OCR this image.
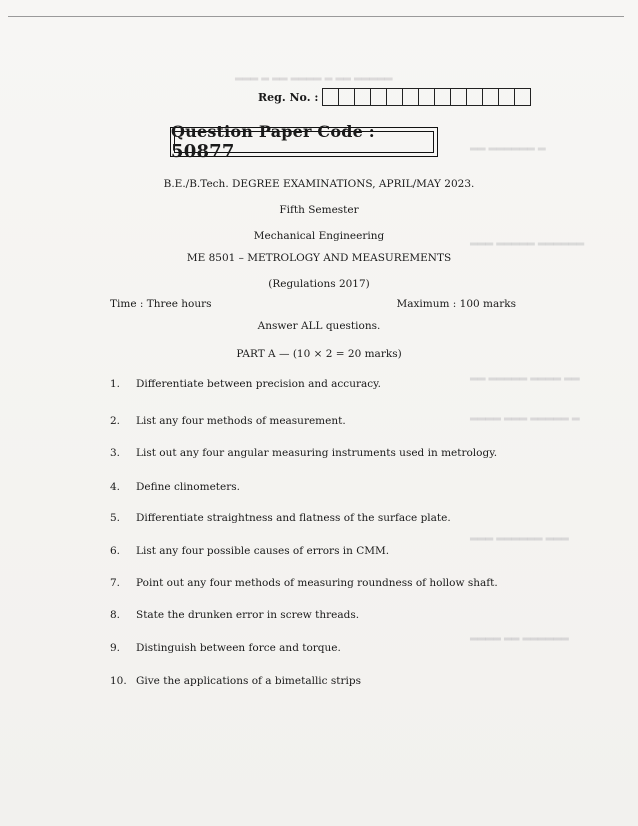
▂▂▂ ▂ ▂▂ ▂▂▂▂ ▂ ▂▂ ▂▂▂▂▂
▂▂ ▂▂▂▂▂▂ ▂
▂▂▂ ▂▂▂▂▂ ▂▂▂▂▂▂
▂▂ ▂▂▂▂▂ ▂▂▂▂ ▂▂
▂▂▂▂ ▂▂▂ ▂▂▂▂▂ ▂
▂▂▂ ▂▂▂▂▂▂ ▂▂▂
▂▂▂▂ ▂▂ ▂▂▂▂▂▂
Reg. No. :
Question Paper Code : 50877
B.E./B.Tech. DEGREE EXAMINATIONS, APRIL/MAY 2023.
Fifth Semester
Mechanical Engineering
ME 8501 – METROLOGY AND MEASUREMENTS
(Regulations 2017)
Time : Three hours	Maximum : 100 marks
Answer ALL questions.
PART A — (10 × 2 = 20 marks)
1.	Differentiate between precision and accuracy.
2.	List any four methods of measurement.
3.	List out any four angular measuring instruments used in metrology.
4.	Define clinometers.
5.	Differentiate straightness and flatness of the surface plate.
6.	List any four possible causes of errors in CMM.
7.	Point out any four methods of measuring roundness of hollow shaft.
8.	State the drunken error in screw threads.
9.	Distinguish between force and torque.
10. Give the applications of a bimetallic strips
